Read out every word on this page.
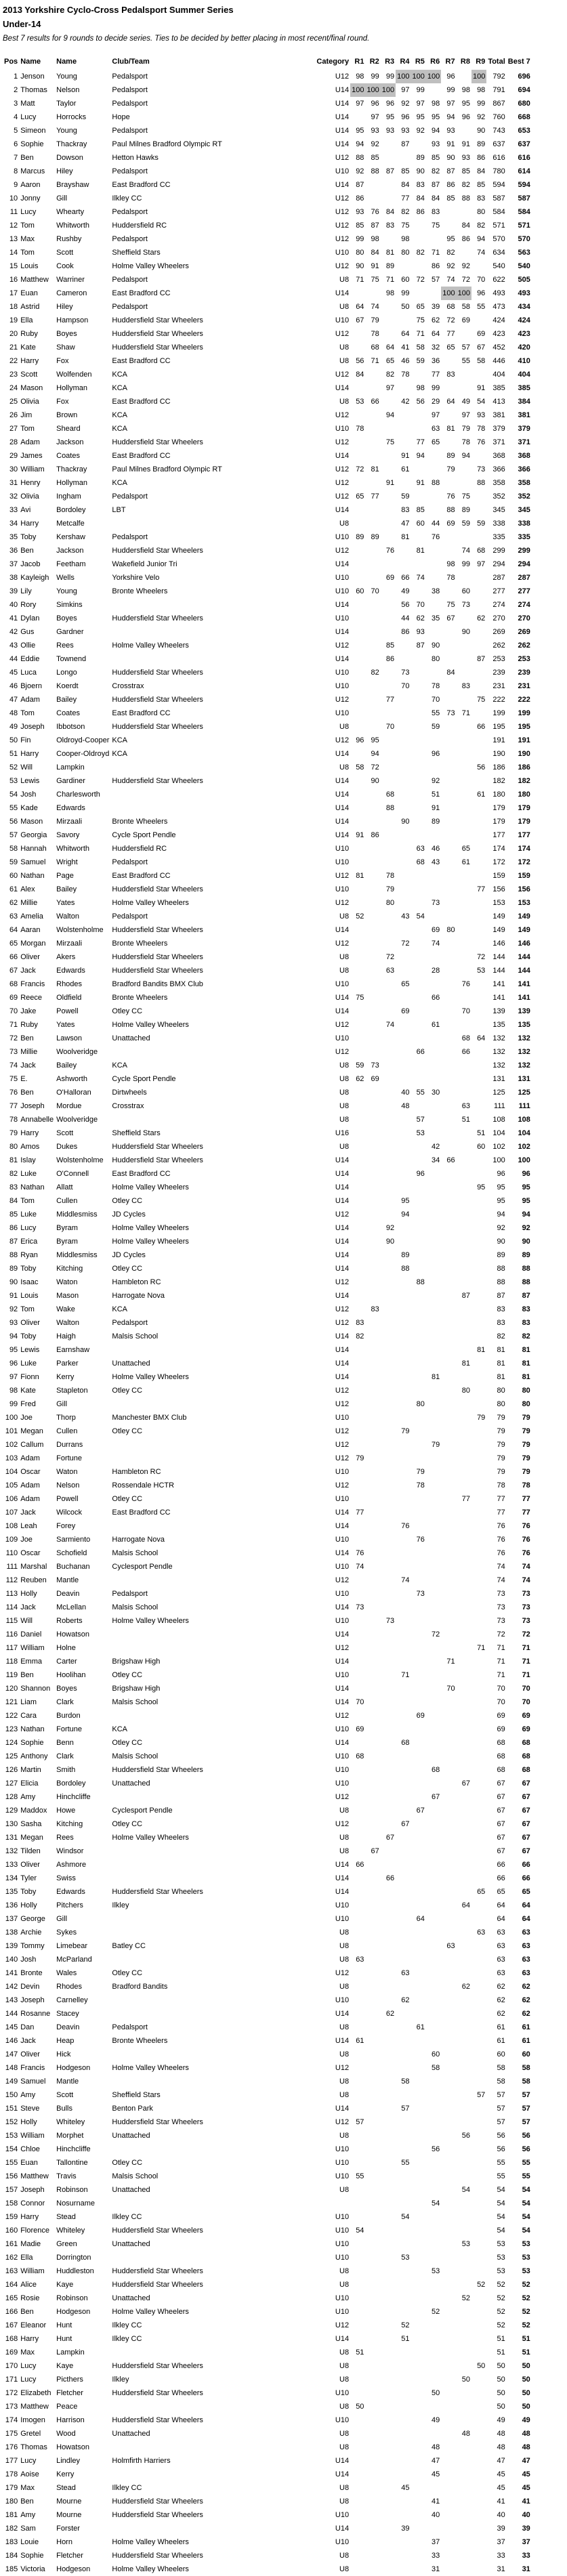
2013 Yorkshire Cyclo-Cross Pedalsport Summer Series
Under-14
Best 7 results for 9 rounds to decide series. Ties to be decided by better placing in most recent/final round.
Pos	Name	Name	Club/Team	Category	R1	R2	R3	R4	R5	R6	R7	R8	R9	Total	Best 7
1	Jenson	Young	Pedalsport	U12	98	99	99	100	100	100	96		100	792	696
2	Thomas	Nelson	Pedalsport	U14	100	100	100	97	99		99	98	98	791	694
3	Matt	Taylor	Pedalsport	U14	97	96	96	92	97	98	97	95	99	867	680
4	Lucy	Horrocks	Hope	U14		97	95	96	95	95	94	96	92	760	668
5	Simeon	Young	Pedalsport	U14	95	93	93	93	92	94	93		90	743	653
6	Sophie	Thackray	Paul Milnes Bradford Olympic RT	U14	94	92		87		93	91	91	89	637	637
7	Ben	Dowson	Hetton Hawks	U12	88	85			89	85	90	93	86	616	616
8	Marcus	Hiley	Pedalsport	U10	92	88	87	85	90	82	87	85	84	780	614
9	Aaron	Brayshaw	East Bradford CC	U14	87			84	83	87	86	82	85	594	594
10	Jonny	Gill	Ilkley CC	U12	86			77	84	84	85	88	83	587	587
11	Lucy	Whearty	Pedalsport	U12	93	76	84	82	86	83			80	584	584
12	Tom	Whitworth	Huddersfield RC	U12	85	87	83	75		75		84	82	571	571
13	Max	Rushby	Pedalsport	U12	99	98		98			95	86	94	570	570
14	Tom	Scott	Sheffield Stars	U10	80	84	81	80	82	71	82		74	634	563
15	Louis	Cook	Holme Valley Wheelers	U12	90	91	89			86	92	92		540	540
16	Matthew	Warriner	Pedalsport	U8	71	75	71	60	72	57	74	72	70	622	505
17	Euan	Cameron	East Bradford CC	U14			98	99			100	100	96	493	493
18	Astrid	Hiley	Pedalsport	U8	64	74		50	65	39	68	58	55	473	434
19	Ella	Hampson	Huddersfield Star Wheelers	U10	67	79			75	62	72	69		424	424
20	Ruby	Boyes	Huddersfield Star Wheelers	U12		78		64	71	64	77		69	423	423
21	Kate	Shaw	Huddersfield Star Wheelers	U8		68	64	41	58	32	65	57	67	452	420
22	Harry	Fox	East Bradford CC	U8	56	71	65	46	59	36		55	58	446	410
23	Scott	Wolfenden	KCA	U12	84		82	78		77	83			404	404
24	Mason	Hollyman	KCA	U14			97		98	99			91	385	385
25	Olivia	Fox	East Bradford CC	U8	53	66		42	56	29	64	49	54	413	384
26	Jim	Brown	KCA	U12			94			97		97	93	381	381
27	Tom	Sheard	KCA	U10	78					63	81	79	78	379	379
28	Adam	Jackson	Huddersfield Star Wheelers	U12			75		77	65		78	76	371	371
29	James	Coates	East Bradford CC	U14				91	94		89	94		368	368
30	William	Thackray	Paul Milnes Bradford Olympic RT	U12	72	81		61			79		73	366	366
31	Henry	Hollyman	KCA	U12			91		91	88			88	358	358
32	Olivia	Ingham	Pedalsport	U12	65	77		59			76	75		352	352
33	Avi	Bordoley	LBT	U14				83	85		88	89		345	345
34	Harry	Metcalfe		U8				47	60	44	69	59	59	338	338
35	Toby	Kershaw	Pedalsport	U10	89	89		81		76				335	335
36	Ben	Jackson	Huddersfield Star Wheelers	U12			76		81			74	68	299	299
37	Jacob	Feetham	Wakefield Junior Tri	U14							98	99	97	294	294
38	Kayleigh	Wells	Yorkshire Velo	U10			69	66	74		78			287	287
39	Lily	Young	Bronte Wheelers	U10	60	70		49		38		60		277	277
40	Rory	Simkins		U14				56	70		75	73		274	274
41	Dylan	Boyes	Huddersfield Star Wheelers	U10				44	62	35	67		62	270	270
42	Gus	Gardner		U14				86	93			90		269	269
43	Ollie	Rees	Holme Valley Wheelers	U12			85		87	90				262	262
44	Eddie	Townend		U14			86			80			87	253	253
45	Luca	Longo	Huddersfield Star Wheelers	U10		82		73			84			239	239
46	Bjoern	Koerdt	Crosstrax	U10				70		78		83		231	231
47	Adam	Bailey	Huddersfield Star Wheelers	U12			77			70			75	222	222
48	Tom	Coates	East Bradford CC	U10						55	73	71		199	199
49	Joseph	Ibbotson	Huddersfield Star Wheelers	U8			70			59			66	195	195
50	Fin	Oldroyd-Cooper	KCA	U12	96	95								191	191
51	Harry	Cooper-Oldroyd	KCA	U14		94				96				190	190
52	Will	Lampkin		U8	58	72							56	186	186
53	Lewis	Gardiner	Huddersfield Star Wheelers	U14		90				92				182	182
54	Josh	Charlesworth		U14			68			51			61	180	180
55	Kade	Edwards		U14			88			91				179	179
56	Mason	Mirzaali	Bronte Wheelers	U14				90		89				179	179
57	Georgia	Savory	Cycle Sport Pendle	U14	91	86								177	177
58	Hannah	Whitworth	Huddersfield RC	U10					63	46		65		174	174
59	Samuel	Wright	Pedalsport	U10					68	43		61		172	172
60	Nathan	Page	East Bradford CC	U12	81		78							159	159
61	Alex	Bailey	Huddersfield Star Wheelers	U10			79						77	156	156
62	Millie	Yates	Holme Valley Wheelers	U12			80			73				153	153
63	Amelia	Walton	Pedalsport	U8	52			43	54					149	149
64	Aaran	Wolstenholme	Huddersfield Star Wheelers	U14						69	80			149	149
65	Morgan	Mirzaali	Bronte Wheelers	U12				72		74				146	146
66	Oliver	Akers	Huddersfield Star Wheelers	U8			72						72	144	144
67	Jack	Edwards	Huddersfield Star Wheelers	U8			63			28			53	144	144
68	Francis	Rhodes	Bradford Bandits BMX Club	U10				65				76		141	141
69	Reece	Oldfield	Bronte Wheelers	U14	75					66				141	141
70	Jake	Powell	Otley CC	U14				69				70		139	139
71	Ruby	Yates	Holme Valley Wheelers	U12			74			61				135	135
72	Ben	Lawson	Unattached	U10								68	64	132	132
73	Millie	Woolveridge		U12					66			66		132	132
74	Jack	Bailey	KCA	U8	59	73								132	132
75	E.	Ashworth	Cycle Sport Pendle	U8	62	69								131	131
76	Ben	O'Halloran	Dirtwheels	U8				40	55	30				125	125
77	Joseph	Mordue	Crosstrax	U8				48				63		111	111
78	Annabelle	Woolveridge		U8					57			51		108	108
79	Harry	Scott	Sheffield Stars	U16					53				51	104	104
80	Amos	Dukes	Huddersfield Star Wheelers	U8						42			60	102	102
81	Islay	Wolstenholme	Huddersfield Star Wheelers	U14						34	66			100	100
82	Luke	O'Connell	East Bradford CC	U14					96					96	96
83	Nathan	Allatt	Holme Valley Wheelers	U14									95	95	95
84	Tom	Cullen	Otley CC	U14				95						95	95
85	Luke	Middlesmiss	JD Cycles	U12				94						94	94
86	Lucy	Byram	Holme Valley Wheelers	U14			92							92	92
87	Erica	Byram	Holme Valley Wheelers	U14			90							90	90
88	Ryan	Middlesmiss	JD Cycles	U14				89						89	89
89	Toby	Kitching	Otley CC	U14				88						88	88
90	Isaac	Waton	Hambleton RC	U12					88					88	88
91	Louis	Mason	Harrogate Nova	U14								87		87	87
92	Tom	Wake	KCA	U12		83								83	83
93	Oliver	Walton	Pedalsport	U12	83									83	83
94	Toby	Haigh	Malsis School	U14	82									82	82
95	Lewis	Earnshaw		U14									81	81	81
96	Luke	Parker	Unattached	U14								81		81	81
97	Fionn	Kerry	Holme Valley Wheelers	U14						81				81	81
98	Kate	Stapleton	Otley CC	U12								80		80	80
99	Fred	Gill		U12					80					80	80
100	Joe	Thorp	Manchester BMX Club	U10									79	79	79
101	Megan	Cullen	Otley CC	U12				79						79	79
102	Callum	Durrans		U12						79				79	79
103	Adam	Fortune		U12	79									79	79
104	Oscar	Waton	Hambleton RC	U10					79					79	79
105	Adam	Nelson	Rossendale HCTR	U12					78					78	78
106	Adam	Powell	Otley CC	U10								77		77	77
107	Jack	Wilcock	East Bradford CC	U14	77									77	77
108	Leah	Forey		U14				76						76	76
109	Joe	Sarmiento	Harrogate Nova	U10					76					76	76
110	Oscar	Schofield	Malsis School	U14	76									76	76
111	Marshal	Buchanan	Cyclesport Pendle	U10	74									74	74
112	Reuben	Mantle		U12				74						74	74
113	Holly	Deavin	Pedalsport	U10					73					73	73
114	Jack	McLellan	Malsis School	U14	73									73	73
115	Will	Roberts	Holme Valley Wheelers	U10			73							73	73
116	Daniel	Howatson		U14						72				72	72
117	William	Holne		U12									71	71	71
118	Emma	Carter	Brigshaw High	U14							71			71	71
119	Ben	Hoolihan	Otley CC	U10				71						71	71
120	Shannon	Boyes	Brigshaw High	U14							70			70	70
121	Liam	Clark	Malsis School	U14	70									70	70
122	Cara	Burdon		U12					69					69	69
123	Nathan	Fortune	KCA	U10	69									69	69
124	Sophie	Benn	Otley CC	U14				68						68	68
125	Anthony	Clark	Malsis School	U10	68									68	68
126	Martin	Smith	Huddersfield Star Wheelers	U10						68				68	68
127	Elicia	Bordoley	Unattached	U10								67		67	67
128	Amy	Hinchcliffe		U12						67				67	67
129	Maddox	Howe	Cyclesport Pendle	U8					67					67	67
130	Sasha	Kitching	Otley CC	U12				67						67	67
131	Megan	Rees	Holme Valley Wheelers	U8			67							67	67
132	Tilden	Windsor		U8		67								67	67
133	Oliver	Ashmore		U14	66									66	66
134	Tyler	Swiss		U14			66							66	66
135	Toby	Edwards	Huddersfield Star Wheelers	U14									65	65	65
136	Holly	Pitchers	Ilkley	U10								64		64	64
137	George	Gill		U10					64					64	64
138	Archie	Sykes		U8									63	63	63
139	Tommy	Limebear	Batley CC	U8							63			63	63
140	Josh	McParland		U8	63									63	63
141	Bronte	Wales	Otley CC	U12				63						63	63
142	Devin	Rhodes	Bradford Bandits	U8								62		62	62
143	Joseph	Carnelley		U10				62						62	62
144	Rosanne	Stacey		U14			62							62	62
145	Dan	Deavin	Pedalsport	U8					61					61	61
146	Jack	Heap	Bronte Wheelers	U14	61									61	61
147	Oliver	Hick		U8						60				60	60
148	Francis	Hodgeson	Holme Valley Wheelers	U12						58				58	58
149	Samuel	Mantle		U8				58						58	58
150	Amy	Scott	Sheffield Stars	U8									57	57	57
151	Steve	Bulls	Benton Park	U14				57						57	57
152	Holly	Whiteley	Huddersfield Star Wheelers	U12	57									57	57
153	William	Morphet	Unattached	U8								56		56	56
154	Chloe	Hinchcliffe		U10						56				56	56
155	Euan	Tallontine	Otley CC	U10				55						55	55
156	Matthew	Travis	Malsis School	U10	55									55	55
157	Joseph	Robinson	Unattached	U8								54		54	54
158	Connor	Nosurname								54				54	54
159	Harry	Stead	Ilkley CC	U10				54						54	54
160	Florence	Whiteley	Huddersfield Star Wheelers	U10	54									54	54
161	Madie	Green	Unattached	U10								53		53	53
162	Ella	Dorrington		U10				53						53	53
163	William	Huddleston	Huddersfield Star Wheelers	U8						53				53	53
164	Alice	Kaye	Huddersfield Star Wheelers	U8									52	52	52
165	Rosie	Robinson	Unattached	U10								52		52	52
166	Ben	Hodgeson	Holme Valley Wheelers	U10						52				52	52
167	Eleanor	Hunt	Ilkley CC	U12				52						52	52
168	Harry	Hunt	Ilkley CC	U14				51						51	51
169	Max	Lampkin		U8	51									51	51
170	Lucy	Kaye	Huddersfield Star Wheelers	U8									50	50	50
171	Lucy	Picthers	Ilkley	U8								50		50	50
172	Elizabeth	Fletcher	Huddersfield Star Wheelers	U10						50				50	50
173	Matthew	Peace		U8	50									50	50
174	Imogen	Harrison	Huddersfield Star Wheelers	U10						49				49	49
175	Gretel	Wood	Unattached	U8								48		48	48
176	Thomas	Howatson		U8						48				48	48
177	Lucy	Lindley	Holmfirth Harriers	U14						47				47	47
178	Aoise	Kerry		U14						45				45	45
179	Max	Stead	Ilkley CC	U8				45						45	45
180	Ben	Mourne	Huddersfield Star Wheelers	U8						41				41	41
181	Amy	Mourne	Huddersfield Star Wheelers	U10						40				40	40
182	Sam	Forster		U14				39						39	39
183	Louie	Horn	Holme Valley Wheelers	U10						37				37	37
184	Sophie	Fletcher	Huddersfield Star Wheelers	U8						33				33	33
185	Victoria	Hodgeson	Holme Valley Wheelers	U8						31				31	31
